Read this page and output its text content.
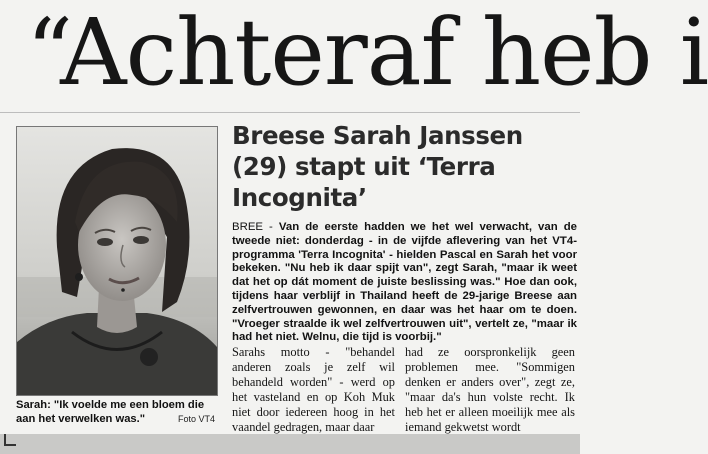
“Achteraf heb i
Sarah: "Ik voelde me een bloem die aan het verwelken was."	Foto VT4
Breese Sarah Janssen (29) stapt uit ‘Terra Incognita’
BREE - Van de eerste hadden we het wel verwacht, van de tweede niet: donderdag - in de vijfde aflevering van het VT4-programma 'Terra Incognita' - hielden Pascal en Sarah het voor bekeken. "Nu heb ik daar spijt van", zegt Sarah, "maar ik weet dat het op dát moment de juiste beslissing was." Hoe dan ook, tijdens haar verblijf in Thailand heeft de 29-jarige Breese aan zelfvertrouwen gewonnen, en daar was het haar om te doen. "Vroeger straalde ik wel zelfvertrouwen uit", vertelt ze, "maar ik had het niet. Welnu, die tijd is voorbij."
Sarahs motto - "behandel anderen zoals je zelf wil behandeld worden" - werd op het vasteland en op Koh Muk niet door iedereen hoog in het vaandel gedragen, maar daar
had ze oorspronkelijk geen problemen mee. "Sommigen denken er anders over", zegt ze, "maar da's hun volste recht. Ik heb het er alleen moeilijk mee als iemand gekwetst wordt
